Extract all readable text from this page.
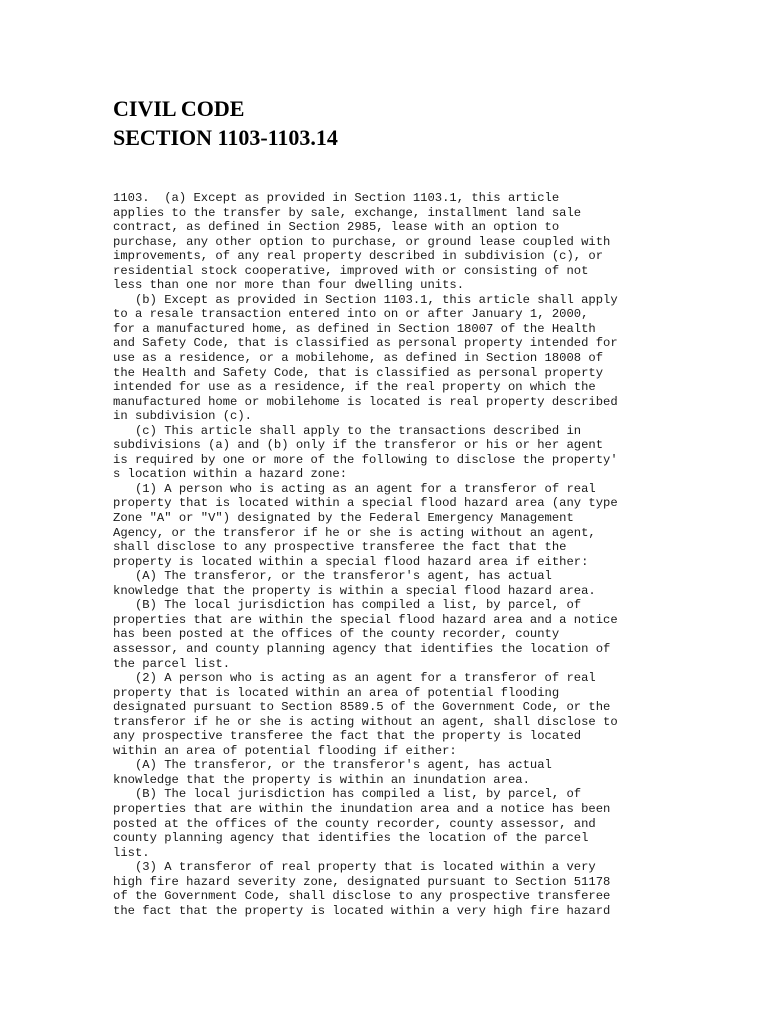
CIVIL CODE
SECTION 1103-1103.14
1103.  (a) Except as provided in Section 1103.1, this article
applies to the transfer by sale, exchange, installment land sale
contract, as defined in Section 2985, lease with an option to
purchase, any other option to purchase, or ground lease coupled with
improvements, of any real property described in subdivision (c), or
residential stock cooperative, improved with or consisting of not
less than one nor more than four dwelling units.
(b) Except as provided in Section 1103.1, this article shall apply
to a resale transaction entered into on or after January 1, 2000,
for a manufactured home, as defined in Section 18007 of the Health
and Safety Code, that is classified as personal property intended for
use as a residence, or a mobilehome, as defined in Section 18008 of
the Health and Safety Code, that is classified as personal property
intended for use as a residence, if the real property on which the
manufactured home or mobilehome is located is real property described
in subdivision (c).
(c) This article shall apply to the transactions described in
subdivisions (a) and (b) only if the transferor or his or her agent
is required by one or more of the following to disclose the property'
s location within a hazard zone:
(1) A person who is acting as an agent for a transferor of real
property that is located within a special flood hazard area (any type
Zone "A" or "V") designated by the Federal Emergency Management
Agency, or the transferor if he or she is acting without an agent,
shall disclose to any prospective transferee the fact that the
property is located within a special flood hazard area if either:
(A) The transferor, or the transferor's agent, has actual
knowledge that the property is within a special flood hazard area.
(B) The local jurisdiction has compiled a list, by parcel, of
properties that are within the special flood hazard area and a notice
has been posted at the offices of the county recorder, county
assessor, and county planning agency that identifies the location of
the parcel list.
(2) A person who is acting as an agent for a transferor of real
property that is located within an area of potential flooding
designated pursuant to Section 8589.5 of the Government Code, or the
transferor if he or she is acting without an agent, shall disclose to
any prospective transferee the fact that the property is located
within an area of potential flooding if either:
(A) The transferor, or the transferor's agent, has actual
knowledge that the property is within an inundation area.
(B) The local jurisdiction has compiled a list, by parcel, of
properties that are within the inundation area and a notice has been
posted at the offices of the county recorder, county assessor, and
county planning agency that identifies the location of the parcel
list.
(3) A transferor of real property that is located within a very
high fire hazard severity zone, designated pursuant to Section 51178
of the Government Code, shall disclose to any prospective transferee
the fact that the property is located within a very high fire hazard
